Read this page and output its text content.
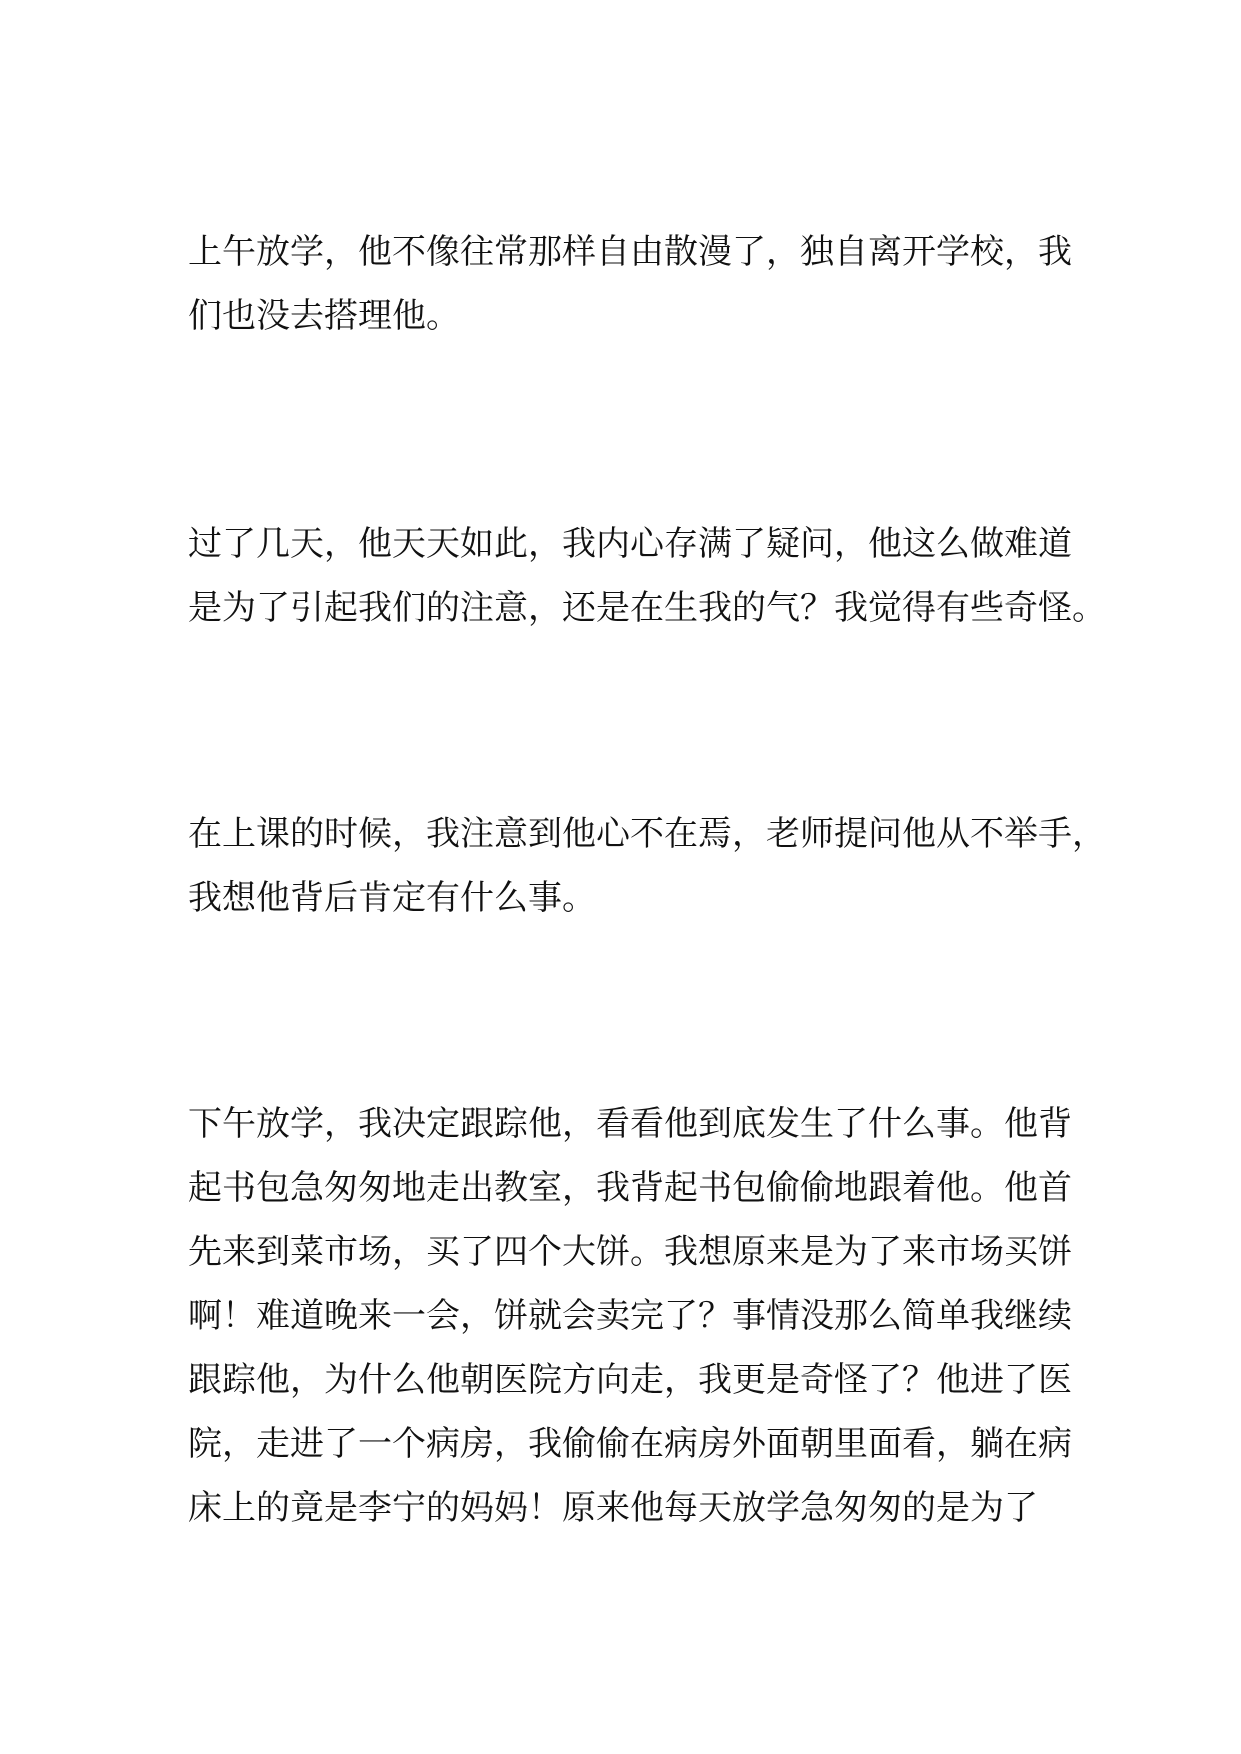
上午放学，他不像往常那样自由散漫了，独自离开学校，我
们也没去搭理他。
过了几天，他天天如此，我内心存满了疑问，他这么做难道
是为了引起我们的注意，还是在生我的气？我觉得有些奇怪。
在上课的时候，我注意到他心不在焉，老师提问他从不举手，
我想他背后肯定有什么事。
下午放学，我决定跟踪他，看看他到底发生了什么事。他背
起书包急匆匆地走出教室，我背起书包偷偷地跟着他。他首
先来到菜市场，买了四个大饼。我想原来是为了来市场买饼
啊！难道晚来一会，饼就会卖完了？事情没那么简单我继续
跟踪他，为什么他朝医院方向走，我更是奇怪了？他进了医
院，走进了一个病房，我偷偷在病房外面朝里面看，躺在病
床上的竟是李宁的妈妈！原来他每天放学急匆匆的是为了
